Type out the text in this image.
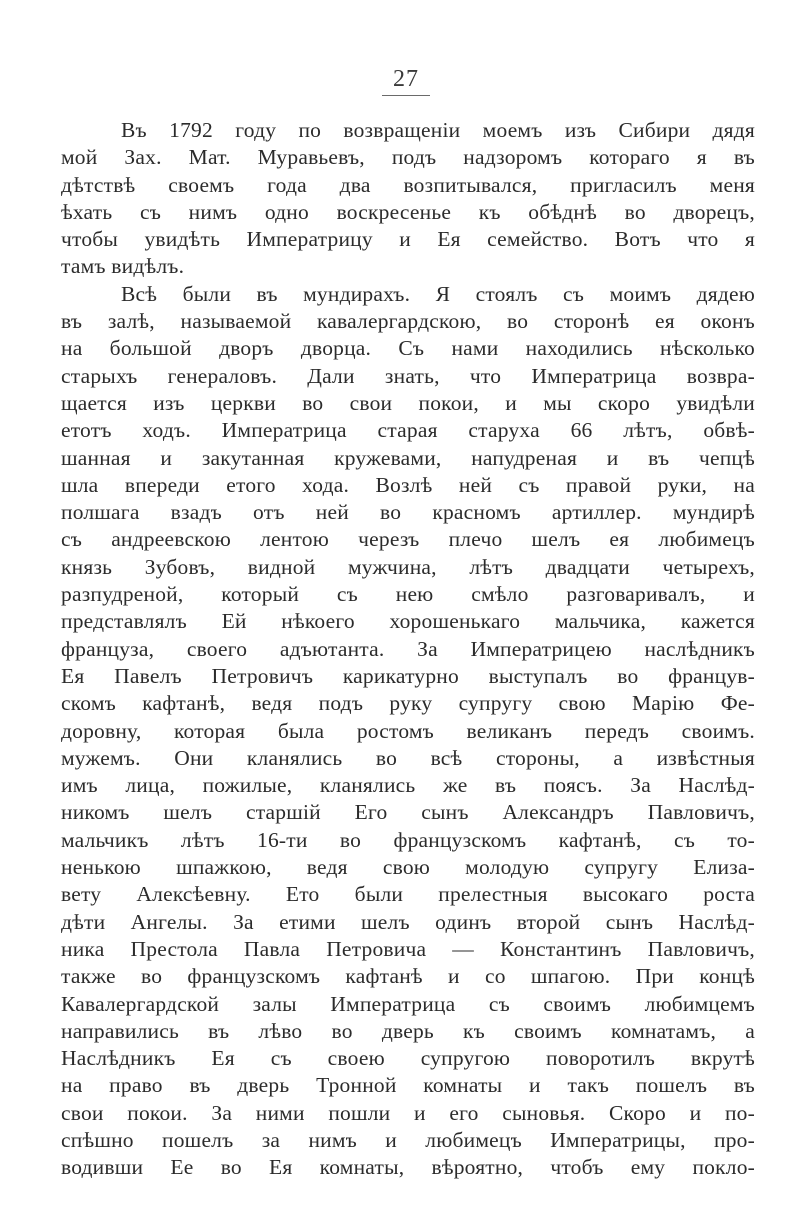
27
Въ 1792 году по возвращеніи моемъ изъ Сибири дядя
мой Зах. Мат. Муравьевъ, подъ надзоромъ котораго я въ
дѣтствѣ своемъ года два возпитывался, пригласилъ меня
ѣхать съ нимъ одно воскресенье къ обѣднѣ во дворецъ,
чтобы увидѣть Императрицу и Ея семейство. Вотъ что я
тамъ видѣлъ.
Всѣ были въ мундирахъ. Я стоялъ съ моимъ дядею
въ залѣ, называемой кавалергардскою, во сторонѣ ея оконъ
на большой дворъ дворца. Съ нами находились нѣсколько
старыхъ генераловъ. Дали знать, что Императрица возвра-
щается изъ церкви во свои покои, и мы скоро увидѣли
етотъ ходъ. Императрица старая старуха 66 лѣтъ, обвѣ-
шанная и закутанная кружевами, напудреная и въ чепцѣ
шла впереди етого хода. Возлѣ ней съ правой руки, на
полшага взадъ отъ ней во красномъ артиллер. мундирѣ
съ андреевскою лентою черезъ плечо шелъ ея любимецъ
князь Зубовъ, видной мужчина, лѣтъ двадцати четырехъ,
разпудреной, который съ нею смѣло разговаривалъ, и
представлялъ Ей нѣкоего хорошенькаго мальчика, кажется
француза, своего адъютанта. За Императрицею наслѣдникъ
Ея Павелъ Петровичъ карикатурно выступалъ во францув-
скомъ кафтанѣ, ведя подъ руку супругу свою Марію Фе-
доровну, которая была ростомъ великанъ передъ своимъ.
мужемъ. Они кланялись во всѣ стороны, а извѣстныя
имъ лица, пожилые, кланялись же въ поясъ. За Наслѣд-
никомъ шелъ старшій Его сынъ Александръ Павловичъ,
мальчикъ лѣтъ 16-ти во французскомъ кафтанѣ, съ то-
ненькою шпажкою, ведя свою молодую супругу Елиза-
вету Алексѣевну. Ето были прелестныя высокаго роста
дѣти Ангелы. За етими шелъ одинъ второй сынъ Наслѣд-
ника Престола Павла Петровича — Константинъ Павловичъ,
также во французскомъ кафтанѣ и со шпагою. При концѣ
Кавалергардской залы Императрица съ своимъ любимцемъ
направились въ лѣво во дверь къ своимъ комнатамъ, а
Наслѣдникъ Ея съ своею супругою поворотилъ вкрутѣ
на право въ дверь Тронной комнаты и такъ пошелъ въ
свои покои. За ними пошли и его сыновья. Скоро и по-
спѣшно пошелъ за нимъ и любимецъ Императрицы, про-
водивши Ее во Ея комнаты, вѣроятно, чтобъ ему покло-
